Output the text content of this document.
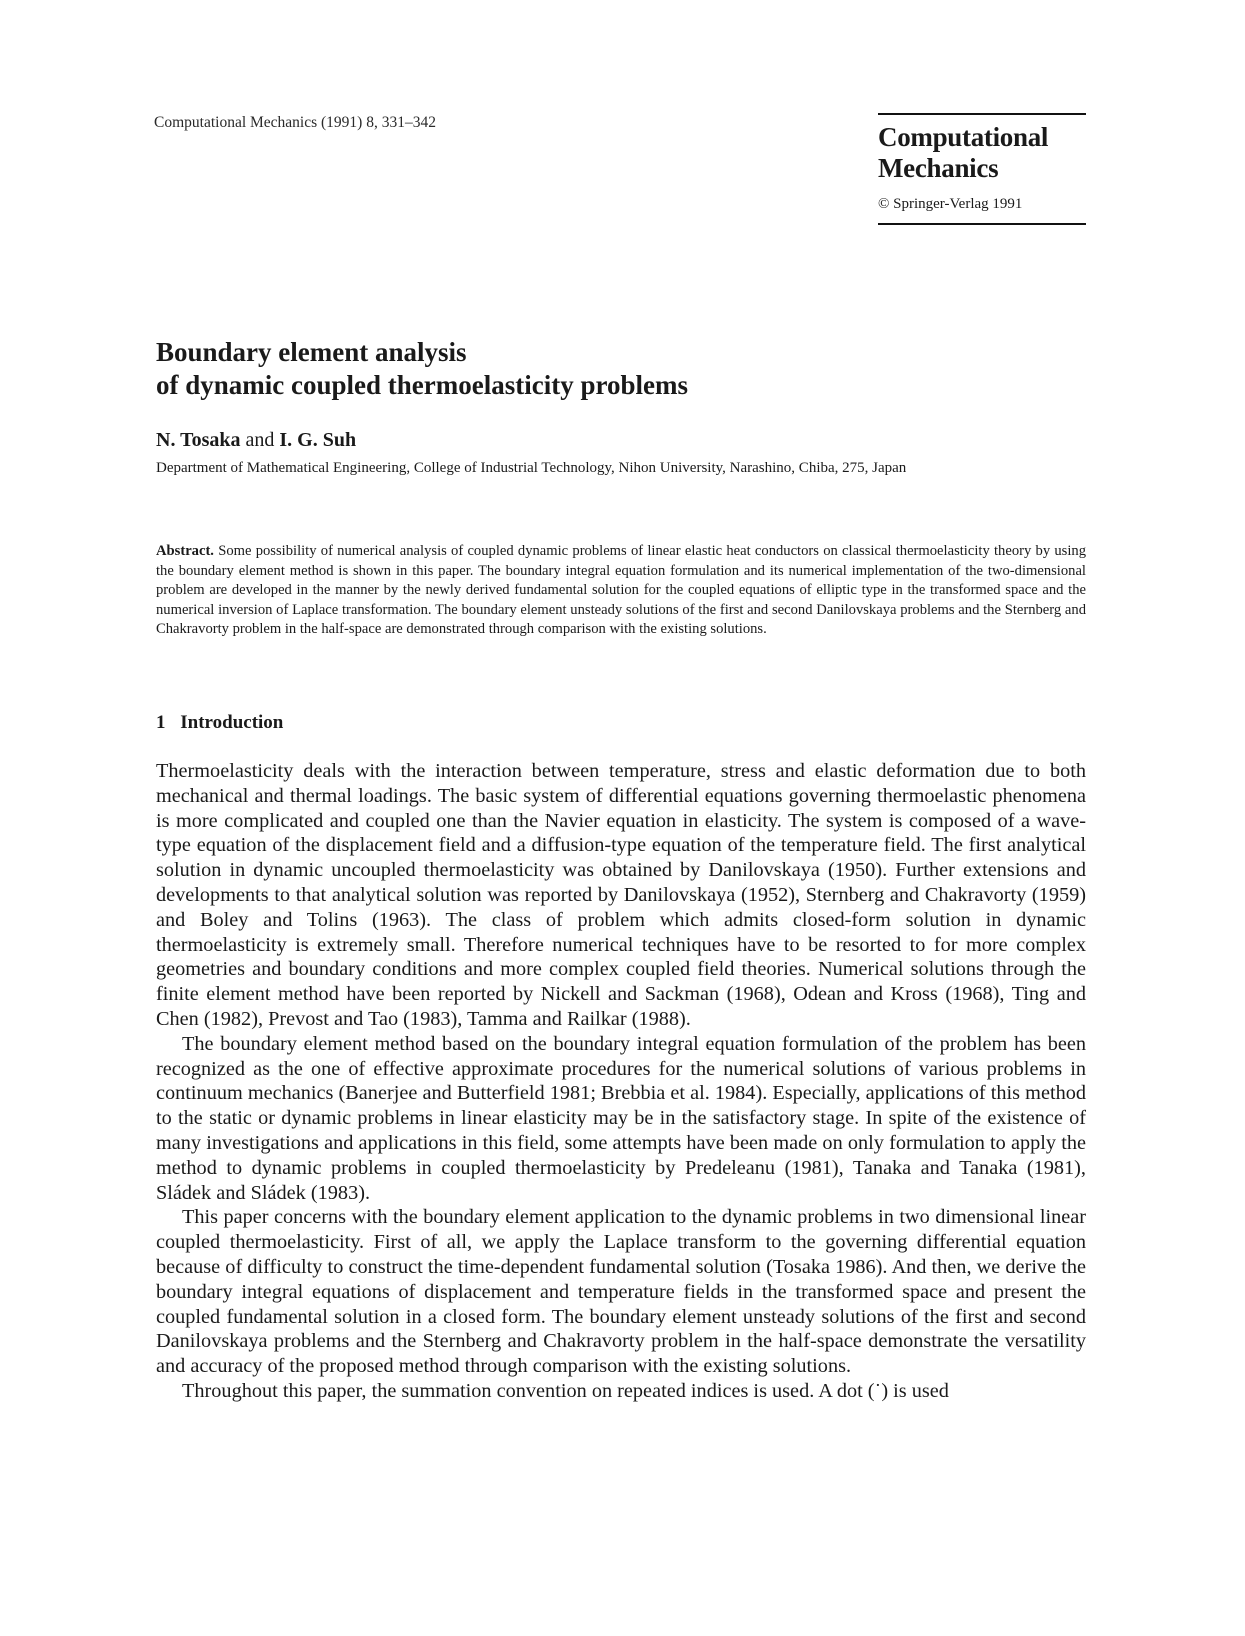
Computational Mechanics (1991) 8, 331–342	Computational
Mechanics
© Springer-Verlag 1991
Boundary element analysis
of dynamic coupled thermoelasticity problems
N. Tosaka and I. G. Suh
Department of Mathematical Engineering, College of Industrial Technology, Nihon University, Narashino, Chiba, 275, Japan
Abstract. Some possibility of numerical analysis of coupled dynamic problems of linear elastic heat conductors on classical thermoelasticity theory by using the boundary element method is shown in this paper. The boundary integral equation formulation and its numerical implementation of the two-dimensional problem are developed in the manner by the newly derived fundamental solution for the coupled equations of elliptic type in the transformed space and the numerical inversion of Laplace transformation. The boundary element unsteady solutions of the first and second Danilovskaya problems and the Sternberg and Chakravorty problem in the half-space are demonstrated through comparison with the existing solutions.
1 Introduction

Thermoelasticity deals with the interaction between temperature, stress and elastic deformation due to both mechanical and thermal loadings. The basic system of differential equations governing thermoelastic phenomena is more complicated and coupled one than the Navier equation in elasticity. The system is composed of a wave-type equation of the displacement field and a diffusion-type equation of the temperature field. The first analytical solution in dynamic uncoupled thermoelasticity was obtained by Danilovskaya (1950). Further extensions and developments to that analytical solution was reported by Danilovskaya (1952), Sternberg and Chakravorty (1959) and Boley and Tolins (1963). The class of problem which admits closed-form solution in dynamic thermoelasticity is extremely small. Therefore numerical techniques have to be resorted to for more complex geometries and boundary conditions and more complex coupled field theories. Numerical solutions through the finite element method have been reported by Nickell and Sackman (1968), Odean and Kross (1968), Ting and Chen (1982), Prevost and Tao (1983), Tamma and Railkar (1988).

The boundary element method based on the boundary integral equation formulation of the problem has been recognized as the one of effective approximate procedures for the numerical solutions of various problems in continuum mechanics (Banerjee and Butterfield 1981; Brebbia et al. 1984). Especially, applications of this method to the static or dynamic problems in linear elasticity may be in the satisfactory stage. In spite of the existence of many investigations and applications in this field, some attempts have been made on only formulation to apply the method to dynamic problems in coupled thermoelasticity by Predeleanu (1981), Tanaka and Tanaka (1981), Sládek and Sládek (1983).

This paper concerns with the boundary element application to the dynamic problems in two dimensional linear coupled thermoelasticity. First of all, we apply the Laplace transform to the governing differential equation because of difficulty to construct the time-dependent fundamental solution (Tosaka 1986). And then, we derive the boundary integral equations of displacement and temperature fields in the transformed space and present the coupled fundamental solution in a closed form. The boundary element unsteady solutions of the first and second Danilovskaya problems and the Sternberg and Chakravorty problem in the half-space demonstrate the versatility and accuracy of the proposed method through comparison with the existing solutions.

Throughout this paper, the summation convention on repeated indices is used. A dot (˙) is used
